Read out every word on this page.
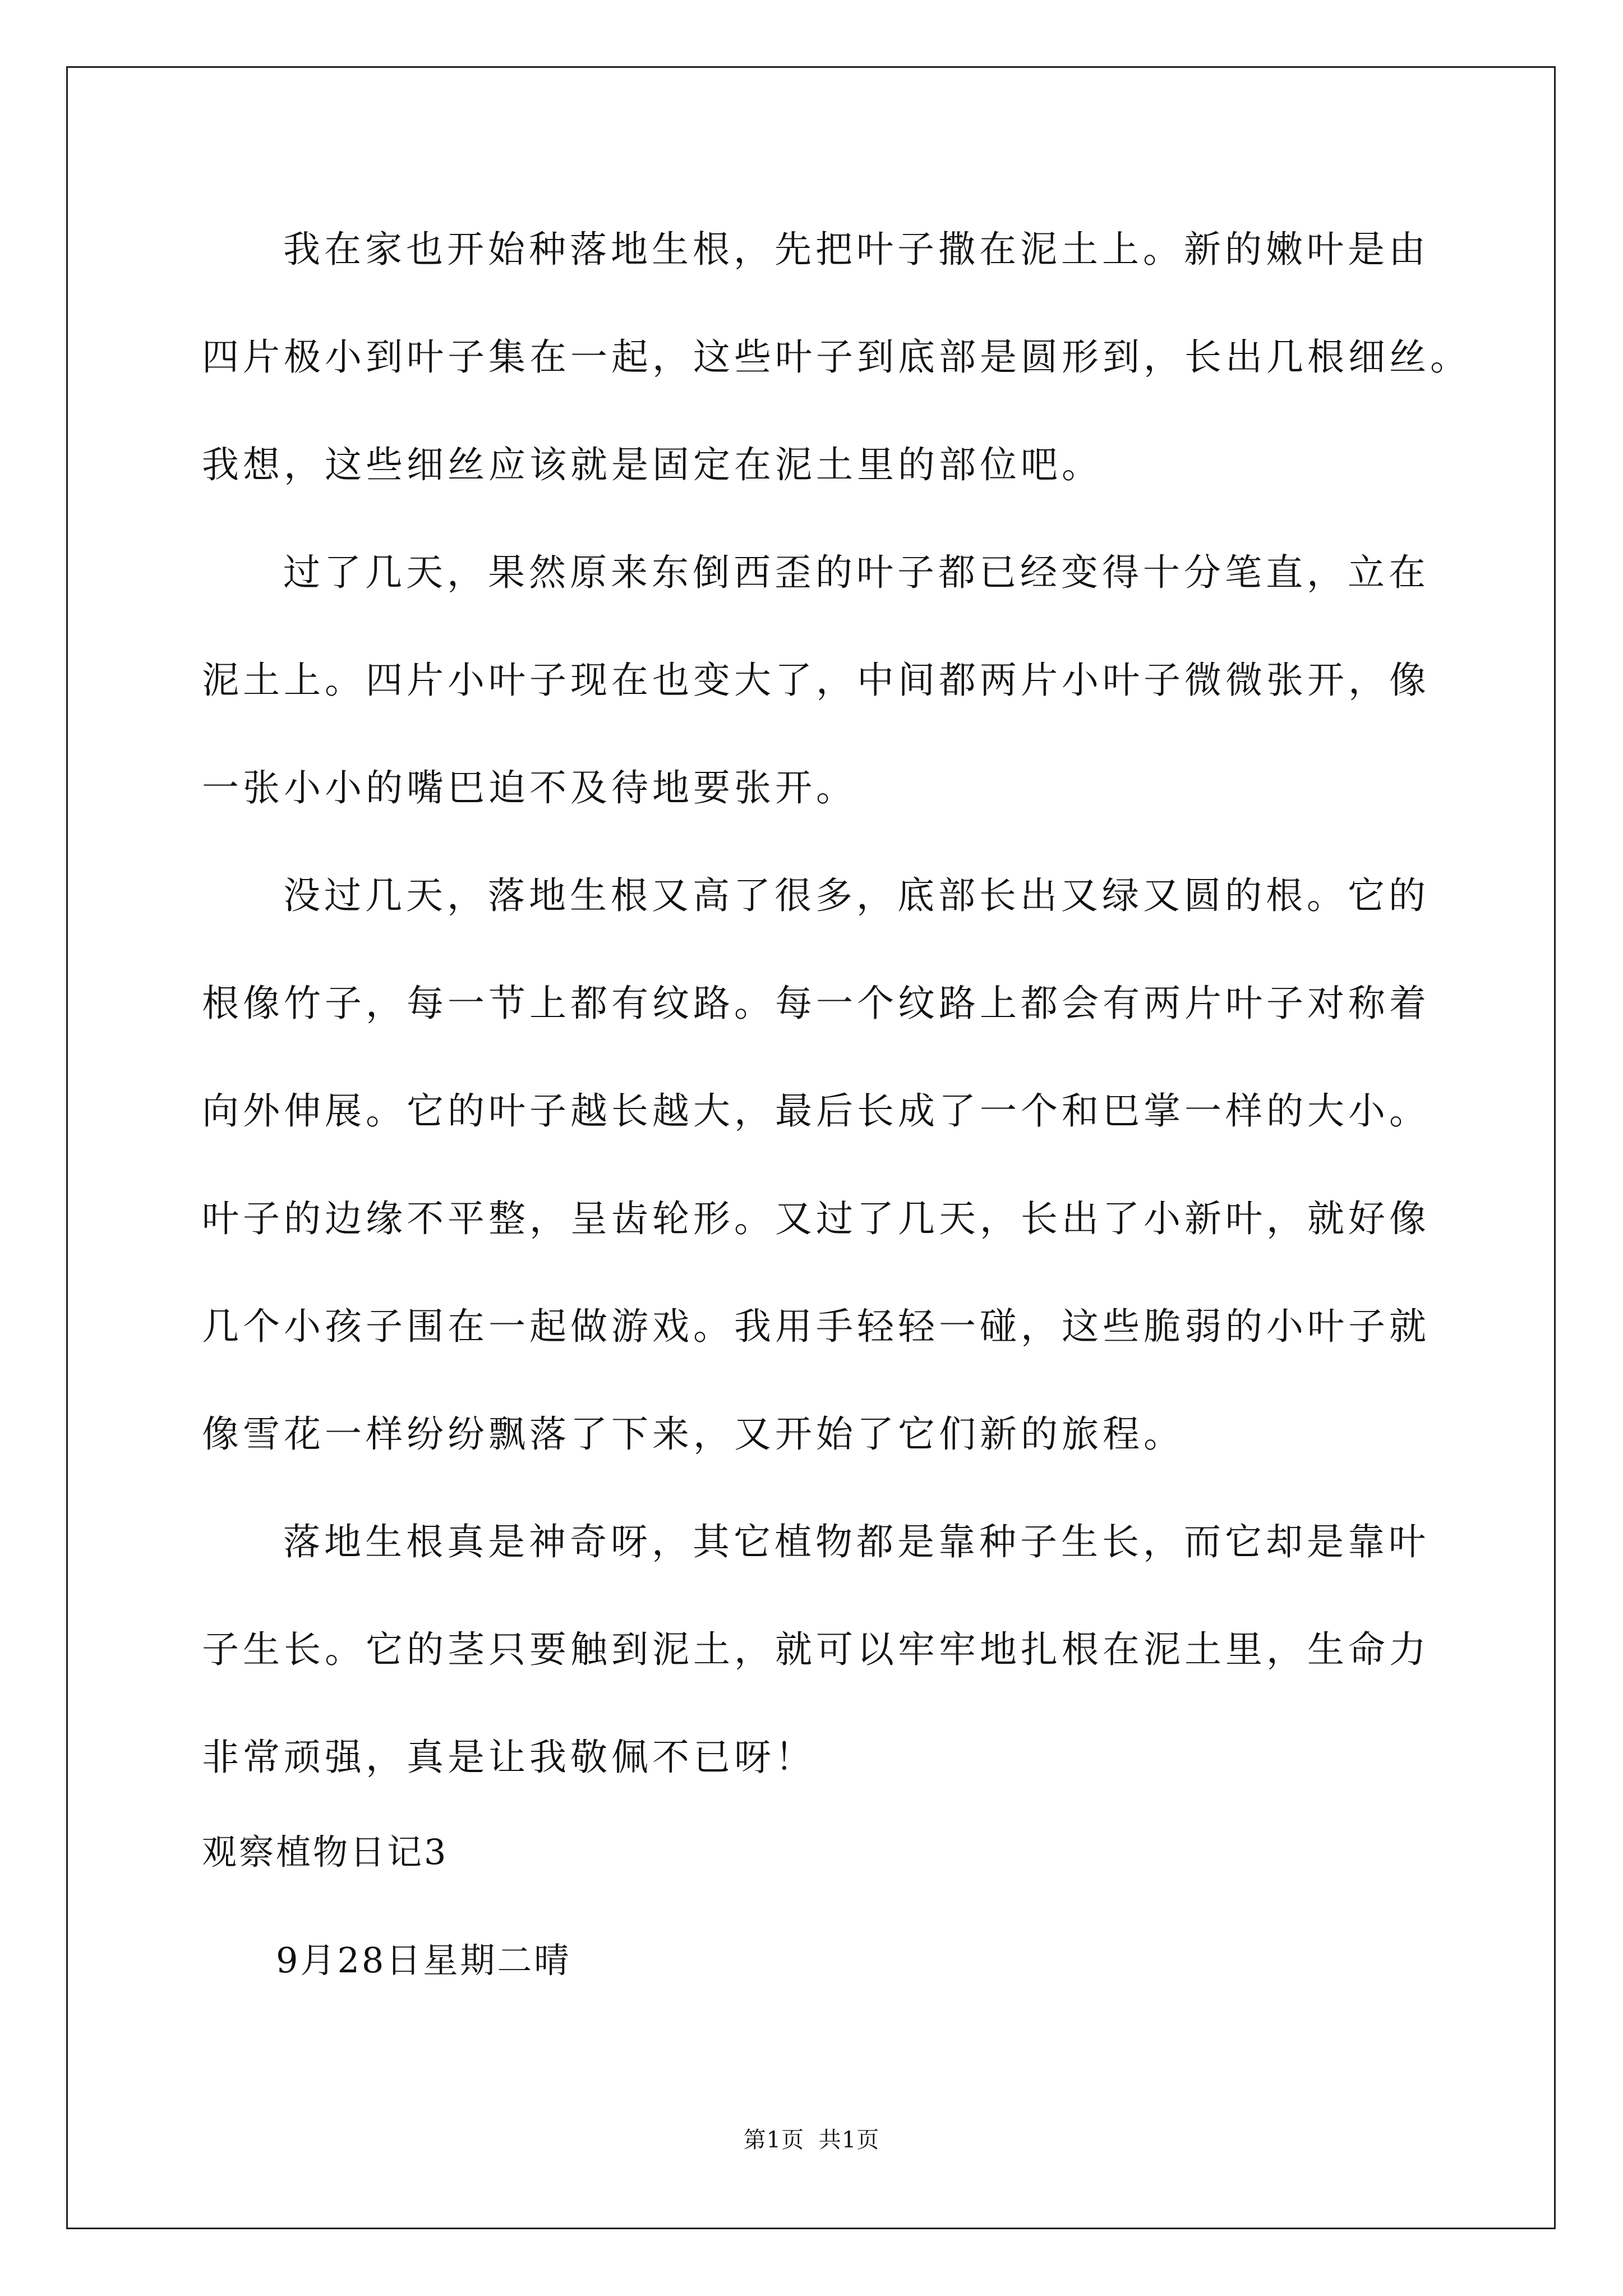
我在家也开始种落地生根，先把叶子撒在泥土上。新的嫩叶是由
四片极小到叶子集在一起，这些叶子到底部是圆形到，长出几根细丝。
我想，这些细丝应该就是固定在泥土里的部位吧。
过了几天，果然原来东倒西歪的叶子都已经变得十分笔直，立在
泥土上。四片小叶子现在也变大了，中间都两片小叶子微微张开，像
一张小小的嘴巴迫不及待地要张开。
没过几天，落地生根又高了很多，底部长出又绿又圆的根。它的
根像竹子，每一节上都有纹路。每一个纹路上都会有两片叶子对称着
向外伸展。它的叶子越长越大，最后长成了一个和巴掌一样的大小。
叶子的边缘不平整，呈齿轮形。又过了几天，长出了小新叶，就好像
几个小孩子围在一起做游戏。我用手轻轻一碰，这些脆弱的小叶子就
像雪花一样纷纷飘落了下来，又开始了它们新的旅程。
落地生根真是神奇呀，其它植物都是靠种子生长，而它却是靠叶
子生长。它的茎只要触到泥土，就可以牢牢地扎根在泥土里，生命力
非常顽强，真是让我敬佩不已呀！
观察植物日记3
9月28日星期二晴
第1页 共1页
